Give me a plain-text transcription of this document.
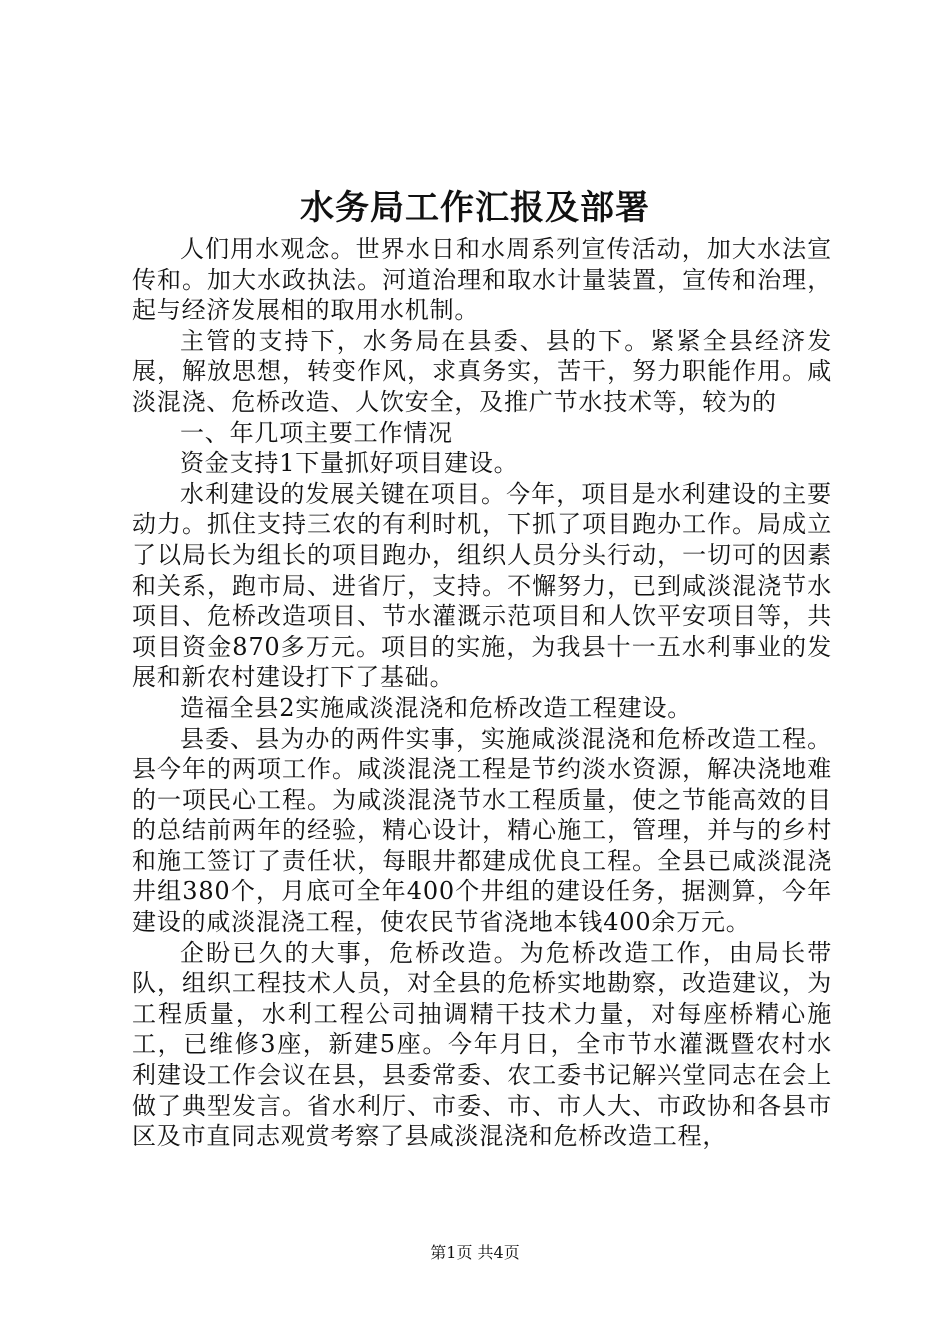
水务局工作汇报及部署

人们用水观念。世界水日和水周系列宣传活动，加大水法宣传和。加大水政执法。河道治理和取水计量装置，宣传和治理，起与经济发展相的取用水机制。

主管的支持下，水务局在县委、县的下。紧紧全县经济发展，解放思想，转变作风，求真务实，苦干，努力职能作用。咸淡混浇、危桥改造、人饮安全，及推广节水技术等，较为的

一、年几项主要工作情况

资金支持1下量抓好项目建设。

水利建设的发展关键在项目。今年，项目是水利建设的主要动力。抓住支持三农的有利时机，下抓了项目跑办工作。局成立了以局长为组长的项目跑办，组织人员分头行动，一切可的因素和关系，跑市局、进省厅，支持。不懈努力，已到咸淡混浇节水项目、危桥改造项目、节水灌溉示范项目和人饮平安项目等，共项目资金870多万元。项目的实施，为我县十一五水利事业的发展和新农村建设打下了基础。

造福全县2实施咸淡混浇和危桥改造工程建设。

县委、县为办的两件实事，实施咸淡混浇和危桥改造工程。县今年的两项工作。咸淡混浇工程是节约淡水资源，解决浇地难的一项民心工程。为咸淡混浇节水工程质量，使之节能高效的目的总结前两年的经验，精心设计，精心施工，管理，并与的乡村和施工签订了责任状，每眼井都建成优良工程。全县已咸淡混浇井组380个，月底可全年400个井组的建设任务，据测算，今年建设的咸淡混浇工程，使农民节省浇地本钱400余万元。

企盼已久的大事，危桥改造。为危桥改造工作，由局长带队，组织工程技术人员，对全县的危桥实地勘察，改造建议，为工程质量，水利工程公司抽调精干技术力量，对每座桥精心施工，已维修3座，新建5座。今年月日，全市节水灌溉暨农村水利建设工作会议在县，县委常委、农工委书记解兴堂同志在会上做了典型发言。省水利厅、市委、市、市人大、市政协和各县市区及市直同志观赏考察了县咸淡混浇和危桥改造工程，

第1页 共4页
